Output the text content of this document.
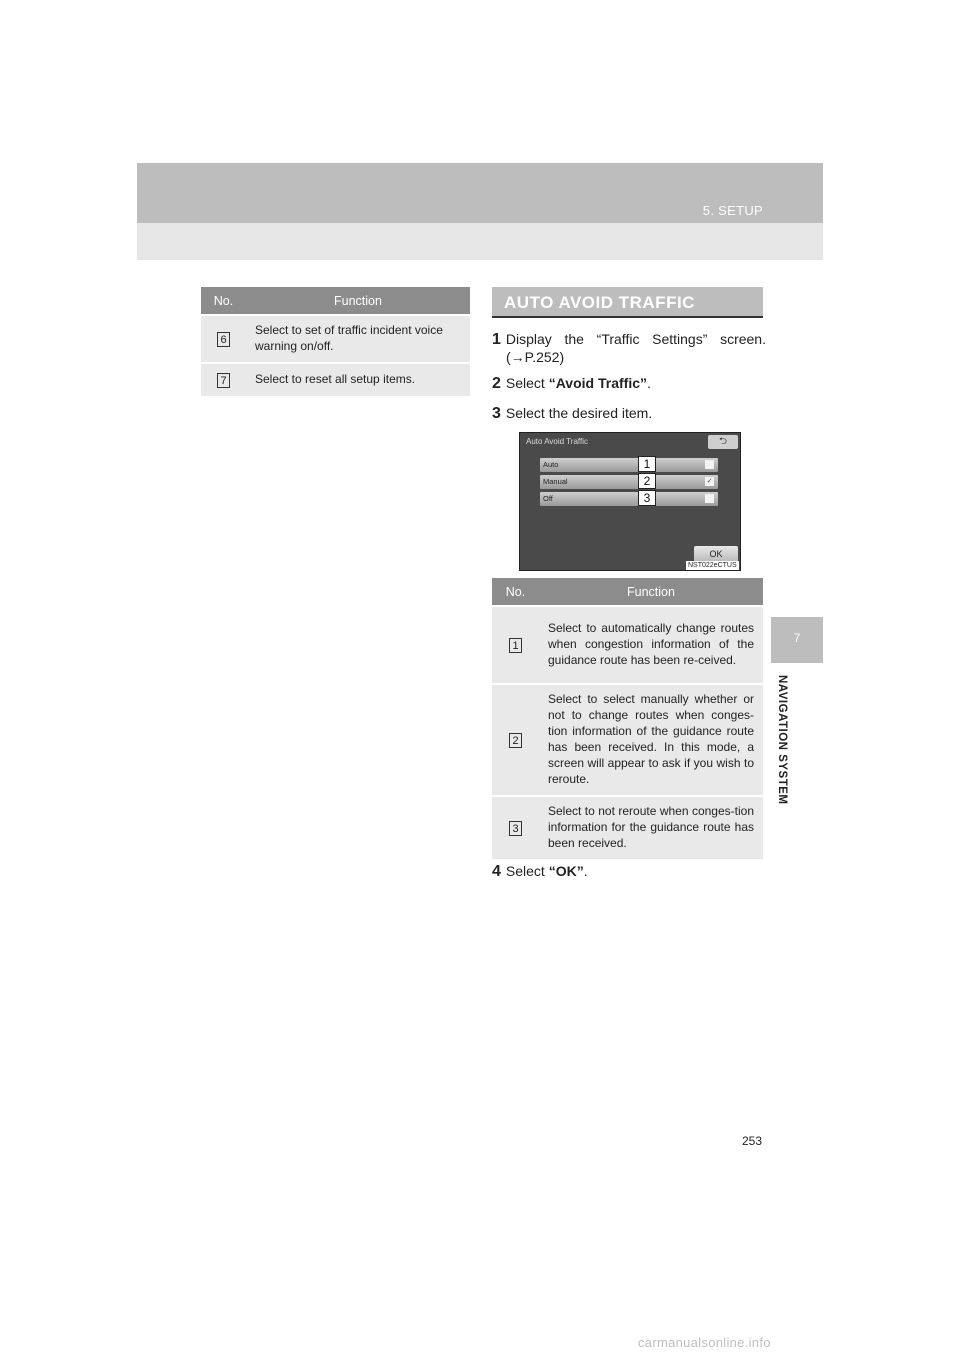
5. SETUP
7
NAVIGATION SYSTEM
No.	Function
6	Select to set of traffic incident voice warning on/off.
7	Select to reset all setup items.
AUTO AVOID TRAFFIC
1 Display the “Traffic Settings” screen.
(→P.252)
2 Select “Avoid Traffic”.
3 Select the desired item.
Auto Avoid Traffic	⮌
Auto	1
Manual	✓
2
Off	3
OK
NST022eCTUS
No.	Function
1	Select to automatically change routes when congestion information of the guidance route has been re-ceived.
2	Select to select manually whether or not to change routes when conges-tion information of the guidance route has been received. In this mode, a screen will appear to ask if you wish to reroute.
3	Select to not reroute when conges-tion information for the guidance route has been received.
4 Select “OK”.
253
carmanualsonline.info
